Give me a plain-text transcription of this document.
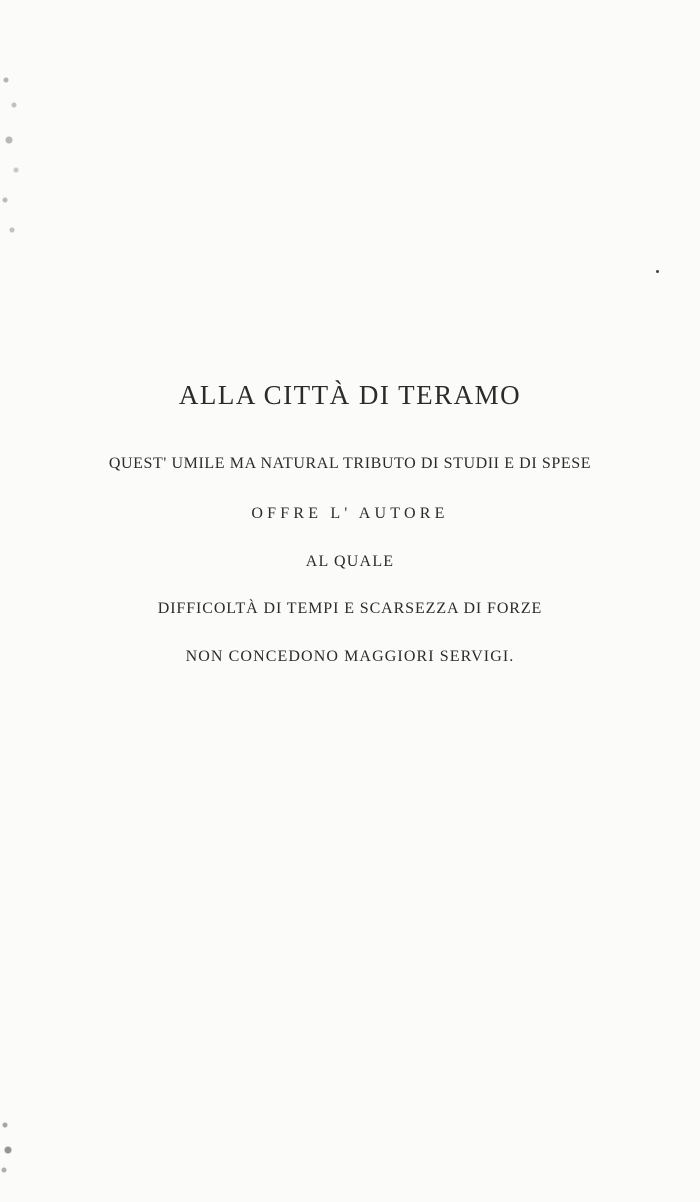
ALLA CITTÀ DI TERAMO
QUEST' UMILE MA NATURAL TRIBUTO DI STUDII E DI SPESE
OFFRE L' AUTORE
AL QUALE
DIFFICOLTÀ DI TEMPI E SCARSEZZA DI FORZE
NON CONCEDONO MAGGIORI SERVIGI.
